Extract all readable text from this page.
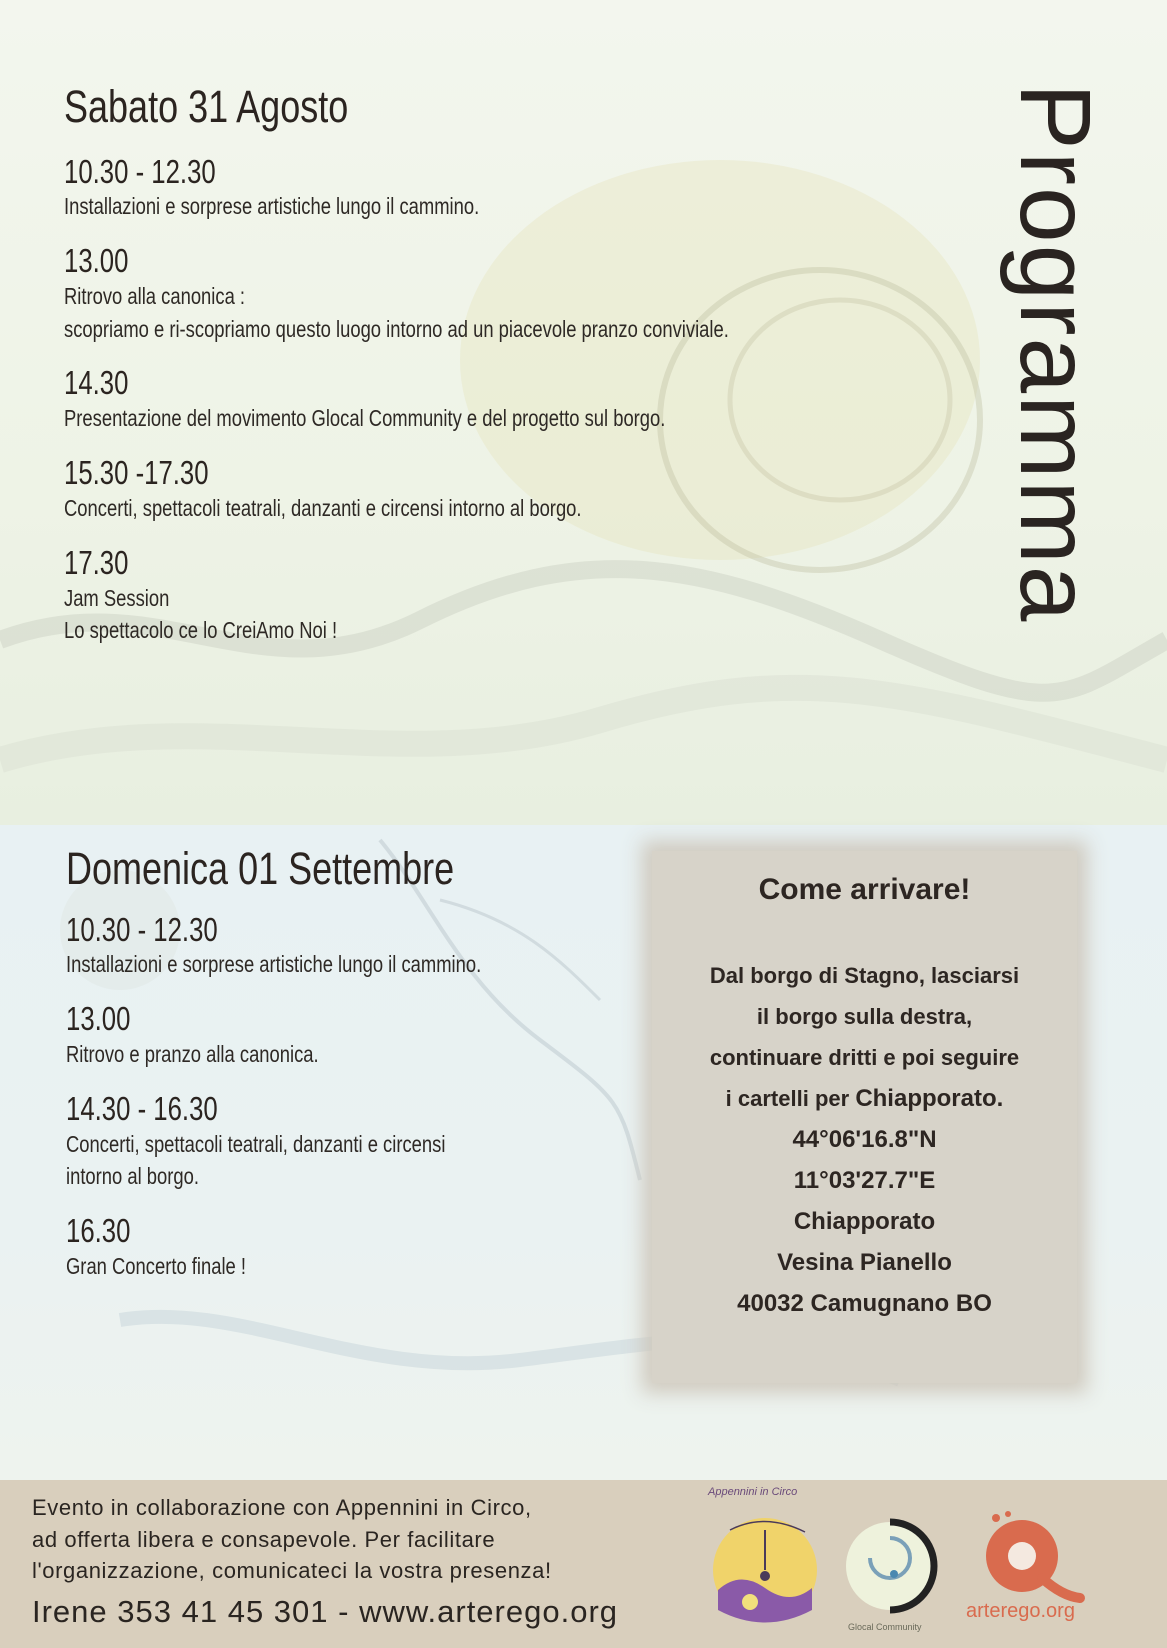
Programma
Sabato 31 Agosto
10.30 - 12.30
Installazioni e sorprese artistiche lungo il cammino.
13.00
Ritrovo alla canonica :
scopriamo e ri-scopriamo questo luogo intorno ad un piacevole pranzo conviviale.
14.30
Presentazione del movimento Glocal Community e del progetto sul borgo.
15.30 -17.30
Concerti, spettacoli teatrali, danzanti e circensi intorno al borgo.
17.30
Jam Session
Lo spettacolo ce lo CreiAmo Noi !
Domenica 01 Settembre
10.30 - 12.30
Installazioni e sorprese artistiche lungo il cammino.
13.00
Ritrovo e pranzo alla canonica.
14.30 - 16.30
Concerti, spettacoli teatrali, danzanti e circensi
intorno al borgo.
16.30
Gran Concerto finale !
Come arrivare!
Dal borgo di Stagno, lasciarsi
il borgo sulla destra,
continuare dritti e poi seguire
i cartelli per Chiapporato.
44°06'16.8"N
11°03'27.7"E
Chiapporato
Vesina Pianello
40032 Camugnano BO
Evento in collaborazione con Appennini in Circo,
ad offerta libera e consapevole. Per facilitare
l'organizzazione, comunicateci la vostra presenza!
Irene 353 41 45 301 - www.arterego.org	arterego.org
Appennini in Circo
Glocal Community
